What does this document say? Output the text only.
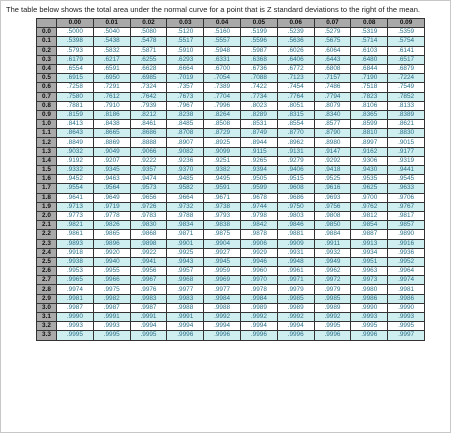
The table below shows the total area under the normal curve for a point that is Z standard deviations to the right of the mean.
	0.00	0.01	0.02	0.03	0.04	0.05	0.06	0.07	0.08	0.09
0.0	.5000	.5040	.5080	.5120	.5160	.5199	.5239	.5279	.5319	.5359
0.1	.5398	.5438	.5478	.5517	.5557	.5596	.5636	.5675	.5714	.5754
0.2	.5793	.5832	.5871	.5910	.5948	.5987	.6026	.6064	.6103	.6141
0.3	.6179	.6217	.6255	.6293	.6331	.6368	.6406	.6443	.6480	.6517
0.4	.6554	.6591	.6628	.6664	.6700	.6736	.6772	.6808	.6844	.6879
0.5	.6915	.6950	.6985	.7019	.7054	.7088	.7123	.7157	.7190	.7224
0.6	.7258	.7291	.7324	.7357	.7389	.7422	.7454	.7486	.7518	.7549
0.7	.7580	.7612	.7642	.7673	.7704	.7734	.7764	.7794	.7823	.7852
0.8	.7881	.7910	.7939	.7967	.7996	.8023	.8051	.8079	.8106	.8133
0.9	.8159	.8186	.8212	.8238	.8264	.8289	.8315	.8340	.8365	.8389
1.0	.8413	.8438	.8461	.8485	.8508	.8531	.8554	.8577	.8599	.8621
1.1	.8643	.8665	.8686	.8708	.8729	.8749	.8770	.8790	.8810	.8830
1.2	.8849	.8869	.8888	.8907	.8925	.8944	.8962	.8980	.8997	.9015
1.3	.9032	.9049	.9066	.9082	.9099	.9115	.9131	.9147	.9162	.9177
1.4	.9192	.9207	.9222	.9236	.9251	.9265	.9279	.9292	.9306	.9319
1.5	.9332	.9345	.9357	.9370	.9382	.9394	.9406	.9418	.9430	.9441
1.6	.9452	.9463	.9474	.9485	.9495	.9505	.9515	.9525	.9535	.9545
1.7	.9554	.9564	.9573	.9582	.9591	.9599	.9608	.9616	.9625	.9633
1.8	.9641	.9649	.9656	.9664	.9671	.9678	.9686	.9693	.9700	.9706
1.9	.9713	.9719	.9726	.9732	.9738	.9744	.9750	.9756	.9762	.9767
2.0	.9773	.9778	.9783	.9788	.9793	.9798	.9803	.9808	.9812	.9817
2.1	.9821	.9826	.9830	.9834	.9838	.9842	.9846	.9850	.9854	.9857
2.2	.9861	.9865	.9868	.9871	.9875	.9878	.9881	.9884	.9887	.9890
2.3	.9893	.9896	.9898	.9901	.9904	.9906	.9909	.9911	.9913	.9916
2.4	.9918	.9920	.9922	.9925	.9927	.9929	.9931	.9932	.9934	.9936
2.5	.9938	.9940	.9941	.9943	.9945	.9946	.9948	.9949	.9951	.9952
2.6	.9953	.9955	.9956	.9957	.9959	.9960	.9961	.9962	.9963	.9964
2.7	.9965	.9966	.9967	.9968	.9969	.9970	.9971	.9972	.9973	.9974
2.8	.9974	.9975	.9976	.9977	.9977	.9978	.9979	.9979	.9980	.9981
2.9	.9981	.9982	.9983	.9983	.9984	.9984	.9985	.9985	.9986	.9986
3.0	.9987	.9987	.9987	.9988	.9988	.9989	.9989	.9989	.9990	.9990
3.1	.9990	.9991	.9991	.9991	.9992	.9992	.9992	.9992	.9993	.9993
3.2	.9993	.9993	.9994	.9994	.9994	.9994	.9994	.9995	.9995	.9995
3.3	.9995	.9995	.9995	.9996	.9996	.9996	.9996	.9996	.9996	.9997
